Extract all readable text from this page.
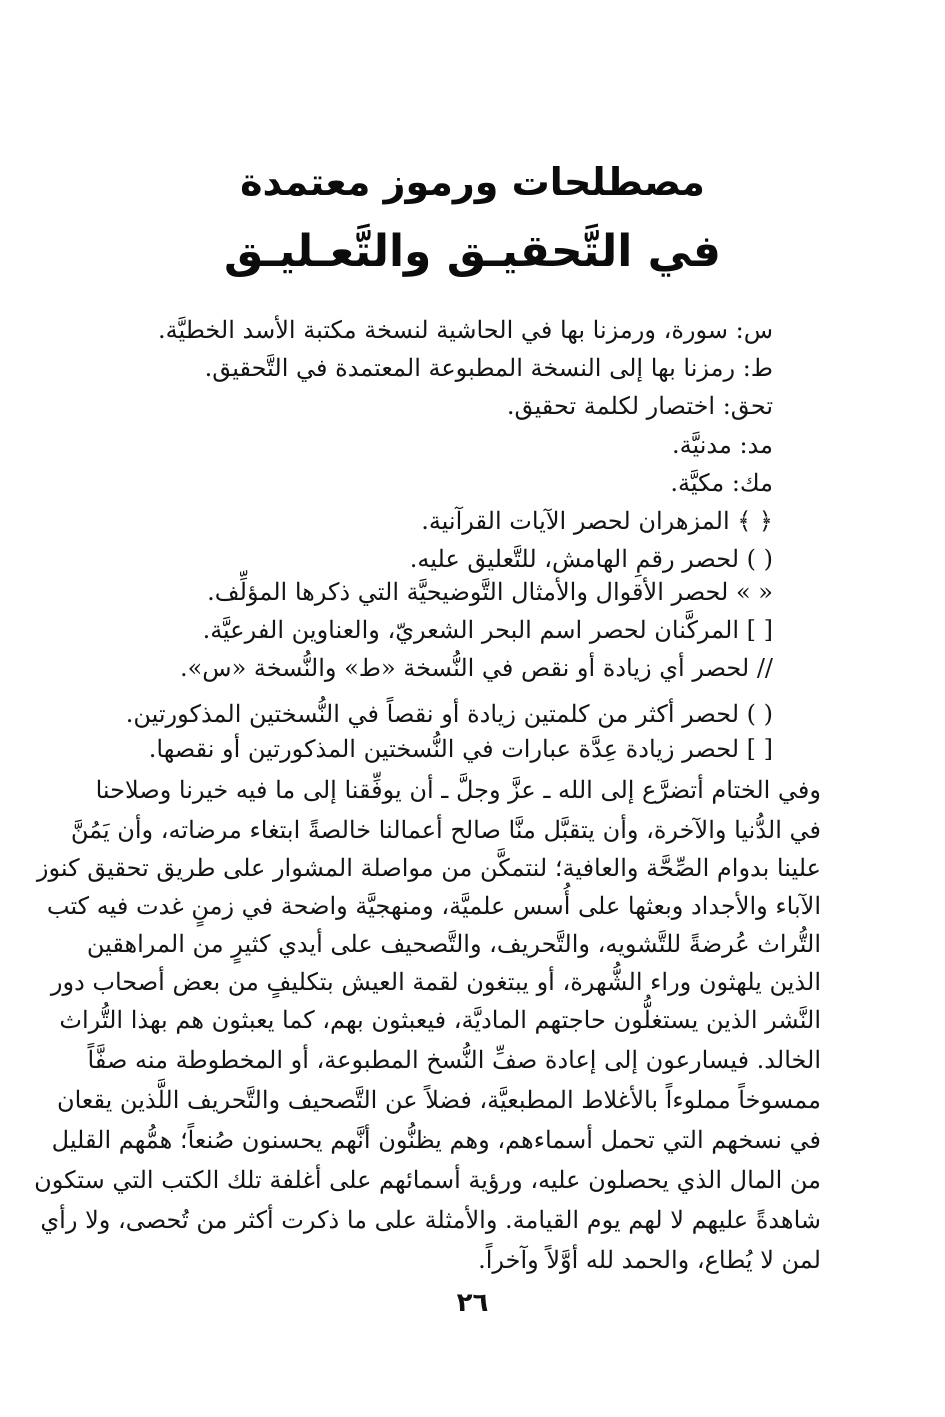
مصطلحات ورموز معتمدة
في التَّحقيـق والتَّعـليـق
س: سورة، ورمزنا بها في الحاشية لنسخة مكتبة الأسد الخطيَّة.
ط: رمزنا بها إلى النسخة المطبوعة المعتمدة في التَّحقيق.
تحق: اختصار لكلمة تحقيق.
مد: مدنيَّة.
مك: مكيَّة.
﴿ ﴾ المزهران لحصر الآيات القرآنية.
( ) لحصر رقمِ الهامش، للتَّعليق عليه.
« » لحصر الأقوال والأمثال التَّوضيحيَّة التي ذكرها المؤلِّف.
[ ] المركَّنان لحصر اسم البحر الشعريّ، والعناوين الفرعيَّة.
// لحصر أي زيادة أو نقص في النُّسخة «ط» والنُّسخة «س».
( ) لحصر أكثر من كلمتين زيادة أو نقصاً في النُّسختين المذكورتين.
[ ] لحصر زيادة عِدَّة عبارات في النُّسختين المذكورتين أو نقصها.
وفي الختام أتضرَّع إلى الله ـ عزَّ وجلَّ ـ أن يوفِّقنا إلى ما فيه خيرنا وصلاحنا
في الدُّنيا والآخرة، وأن يتقبَّل منَّا صالح أعمالنا خالصةً ابتغاء مرضاته، وأن يَمُنَّ
علينا بدوام الصِّحَّة والعافية؛ لنتمكَّن من مواصلة المشوار على طريق تحقيق كنوز
الآباء والأجداد وبعثها على أُسس علميَّة، ومنهجيَّة واضحة في زمنٍ غدت فيه كتب
التُّراث عُرضةً للتَّشويه، والتَّحريف، والتَّصحيف على أيدي كثيرٍ من المراهقين
الذين يلهثون وراء الشُّهرة، أو يبتغون لقمة العيش بتكليفٍ من بعض أصحاب دور
النَّشر الذين يستغلُّون حاجتهم الماديَّة، فيعبثون بهم، كما يعبثون هم بهذا التُّراث
الخالد. فيسارعون إلى إعادة صفِّ النُّسخ المطبوعة، أو المخطوطة منه صفَّاً
ممسوخاً مملوءاً بالأغلاط المطبعيَّة، فضلاً عن التَّصحيف والتَّحريف اللَّذين يقعان
في نسخهم التي تحمل أسماءهم، وهم يظنُّون أنَّهم يحسنون صُنعاً؛ همُّهم القليل
من المال الذي يحصلون عليه، ورؤية أسمائهم على أغلفة تلك الكتب التي ستكون
شاهدةً عليهم لا لهم يوم القيامة. والأمثلة على ما ذكرت أكثر من تُحصى، ولا رأي
لمن لا يُطاع، والحمد لله أوَّلاً وآخراً.
٢٦
